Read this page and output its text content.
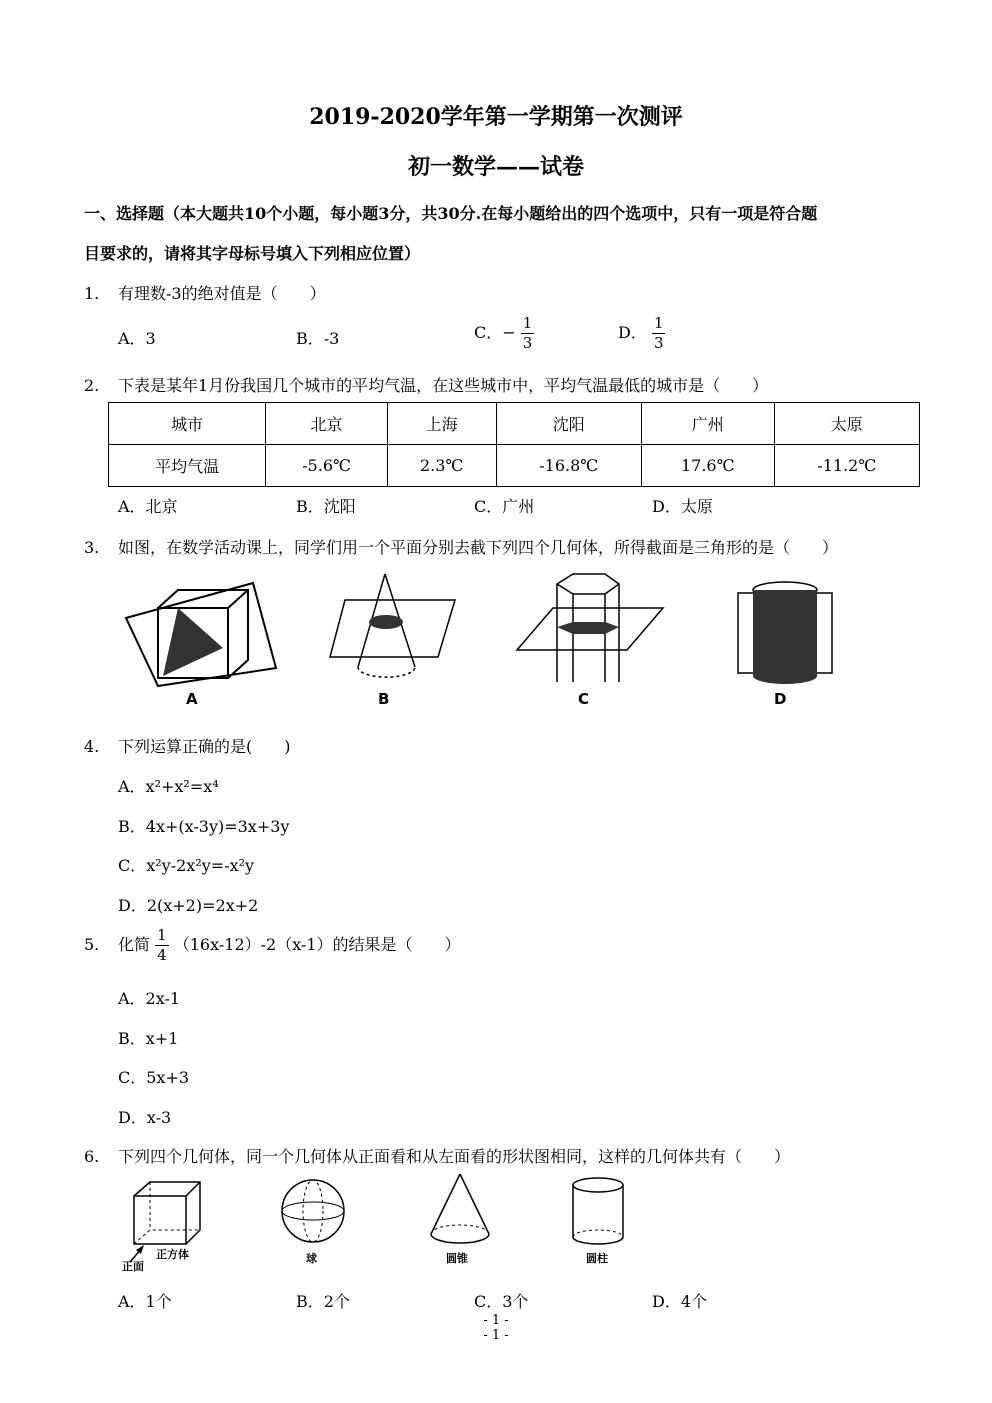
2019-2020学年第一学期第一次测评
初一数学——试卷
一、选择题（本大题共10个小题，每小题3分，共30分.在每小题给出的四个选项中，只有一项是符合题
目要求的，请将其字母标号填入下列相应位置）
1. 有理数-3的绝对值是（　　）
A．3	B．-3	C．− $\frac{1}{3}$	D． $\frac{1}{3}$
2. 下表是某年1月份我国几个城市的平均气温，在这些城市中，平均气温最低的城市是（　　）
城市	北京	上海	沈阳	广州	太原
平均气温	-5.6℃	2.3℃	-16.8℃	17.6℃	-11.2℃
A．北京	B．沈阳	C．广州	D．太原
3. 如图，在数学活动课上，同学们用一个平面分别去截下列四个几何体，所得截面是三角形的是（　　）
A	B	C	D
4. 下列运算正确的是(　　)
A．x²+x²=x⁴
B．4x+(x-3y)=3x+3y
C．x²y-2x²y=-x²y
D．2(x+2)=2x+2
5. 化简 $\frac{1}{4} (16x-12)-2(x-1)$的结果是（　　）
A．2x-1
B．x+1
C．5x+3
D．x-3
6. 下列四个几何体，同一个几何体从正面看和从左面看的形状图相同，这样的几何体共有（　　）
正面
正方体	球	圆锥	圆柱
A．1个	B．2个	C．3个	D．4个
- 1 -
- 1 -
